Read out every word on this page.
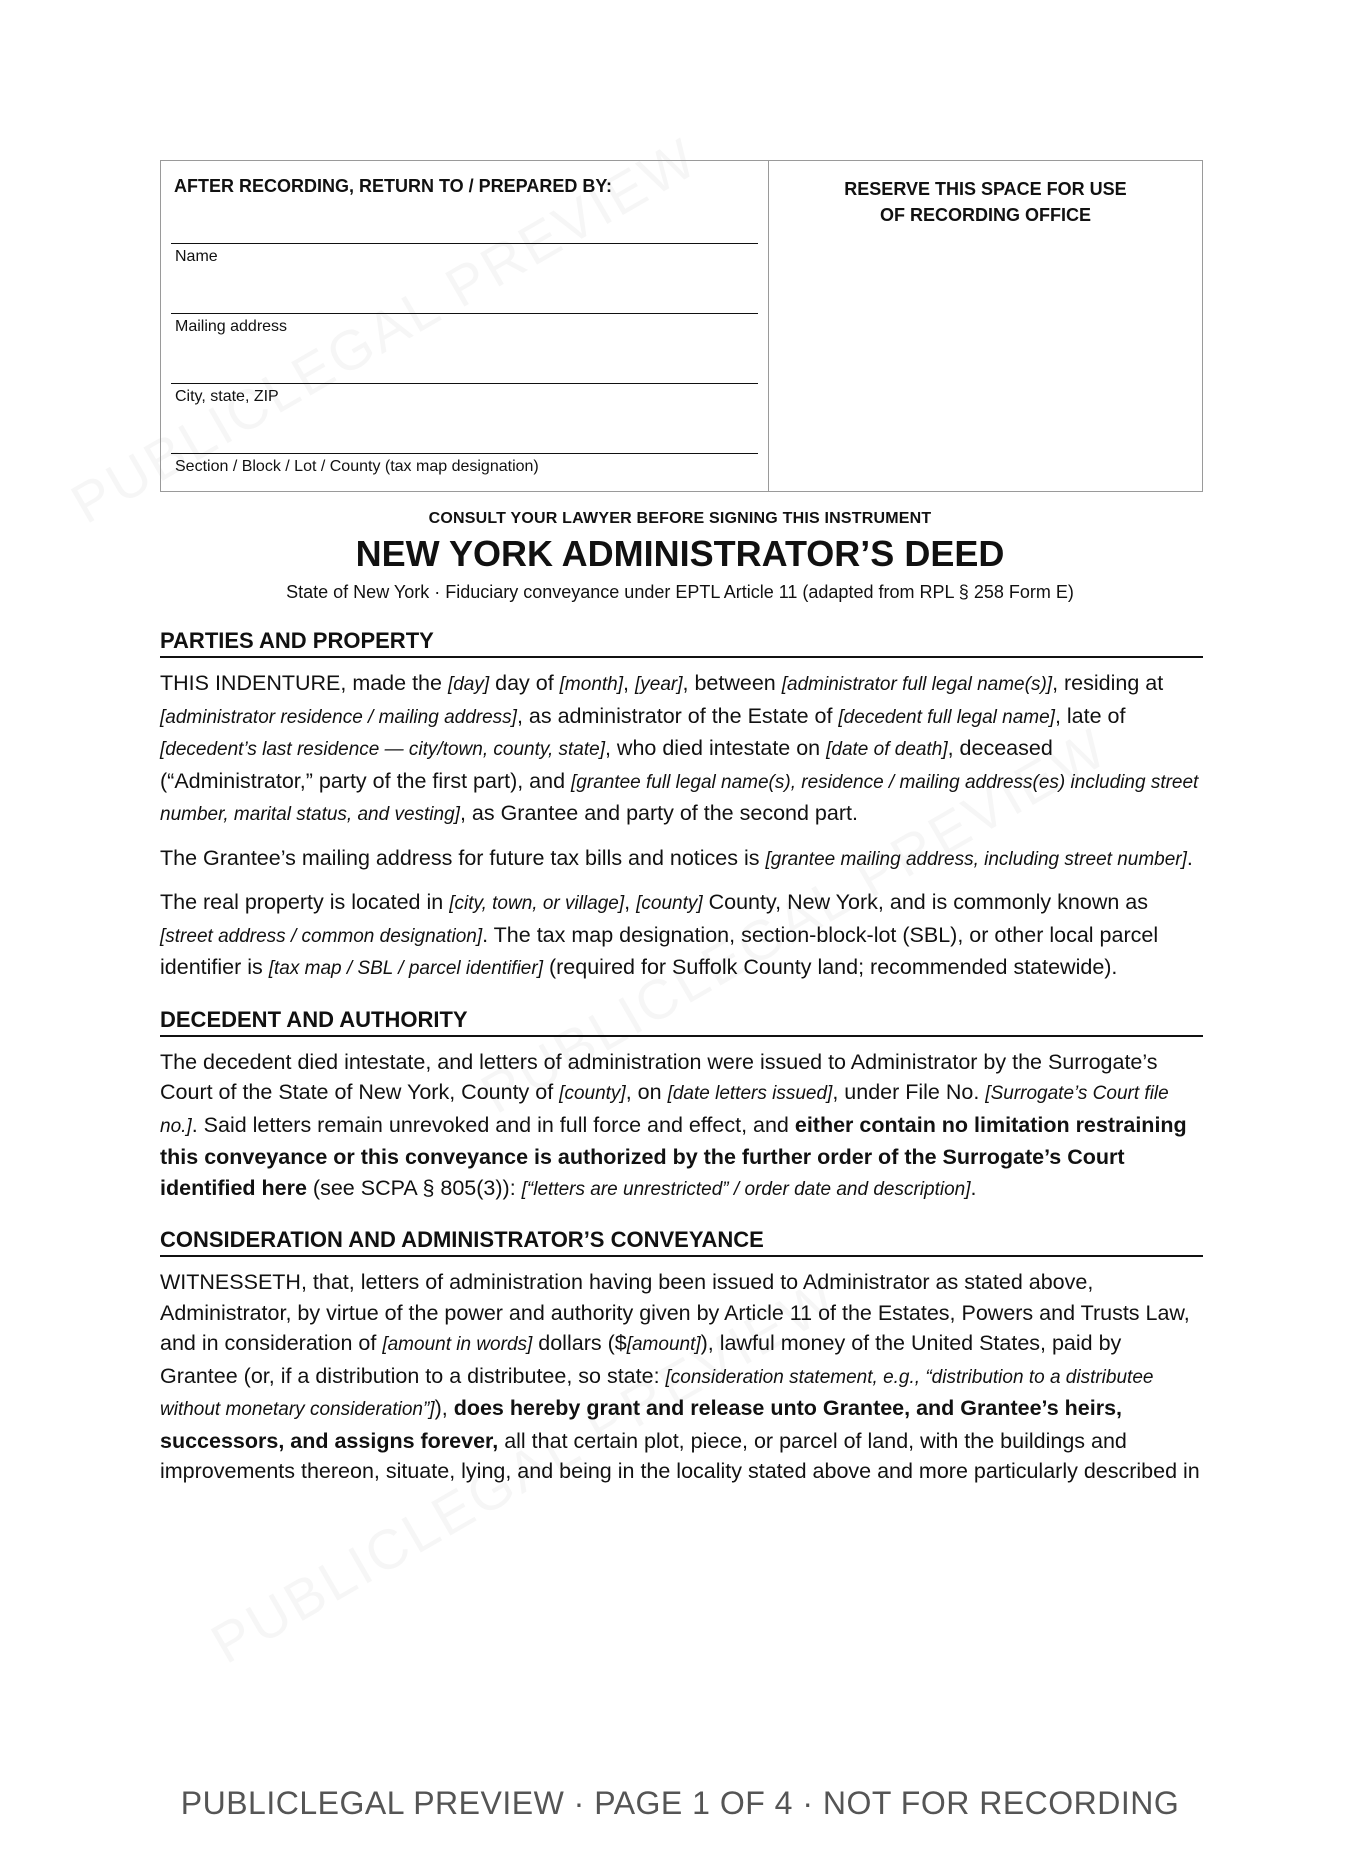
AFTER RECORDING, RETURN TO / PREPARED BY:
Name
Mailing address
City, state, ZIP
Section / Block / Lot / County (tax map designation)
RESERVE THIS SPACE FOR USE
OF RECORDING OFFICE
CONSULT YOUR LAWYER BEFORE SIGNING THIS INSTRUMENT
NEW YORK ADMINISTRATOR’S DEED
State of New York · Fiduciary conveyance under EPTL Article 11 (adapted from RPL § 258 Form E)
PARTIES AND PROPERTY

THIS INDENTURE, made the [day] day of [month], [year], between [administrator full legal name(s)], residing at [administrator residence / mailing address], as administrator of the Estate of [decedent full legal name], late of [decedent’s last residence — city/town, county, state], who died intestate on [date of death], deceased (“Administrator,” party of the first part), and [grantee full legal name(s), residence / mailing address(es) including street number, marital status, and vesting], as Grantee and party of the second part.

The Grantee’s mailing address for future tax bills and notices is [grantee mailing address, including street number].

The real property is located in [city, town, or village], [county] County, New York, and is commonly known as [street address / common designation]. The tax map designation, section-block-lot (SBL), or other local parcel identifier is [tax map / SBL / parcel identifier] (required for Suffolk County land; recommended statewide).

DECEDENT AND AUTHORITY

The decedent died intestate, and letters of administration were issued to Administrator by the Surrogate’s Court of the State of New York, County of [county], on [date letters issued], under File No. [Surrogate’s Court file no.]. Said letters remain unrevoked and in full force and effect, and either contain no limitation restraining this conveyance or this conveyance is authorized by the further order of the Surrogate’s Court identified here (see SCPA § 805(3)): [“letters are unrestricted” / order date and description].

CONSIDERATION AND ADMINISTRATOR’S CONVEYANCE

WITNESSETH, that, letters of administration having been issued to Administrator as stated above, Administrator, by virtue of the power and authority given by Article 11 of the Estates, Powers and Trusts Law, and in consideration of [amount in words] dollars ($[amount]), lawful money of the United States, paid by Grantee (or, if a distribution to a distributee, so state: [consideration statement, e.g., “distribution to a distributee without monetary consideration”]), does hereby grant and release unto Grantee, and Grantee’s heirs, successors, and assigns forever, all that certain plot, piece, or parcel of land, with the buildings and improvements thereon, situate, lying, and being in the locality stated above and more particularly described in

PUBLICLEGAL PREVIEW · PAGE 1 OF 4 · NOT FOR RECORDING
